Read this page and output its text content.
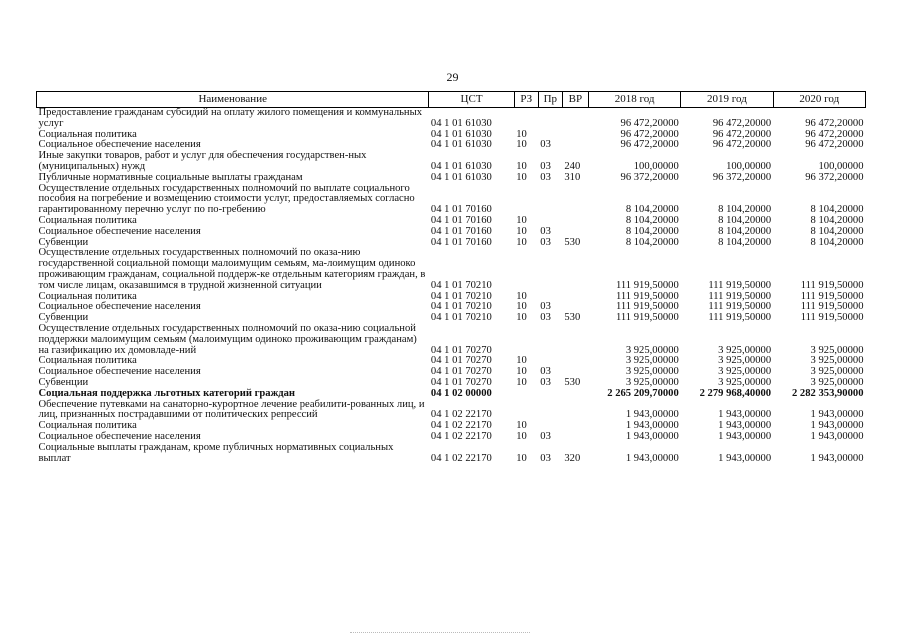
29
Наименование	ЦСТ	РЗ	Пр	ВР	2018 год	2019 год	2020 год
Предоставление гражданам субсидий на оплату жилого помещения и коммунальных услуг	04 1 01 61030				96 472,20000	96 472,20000	96 472,20000
Социальная политика	04 1 01 61030	10			96 472,20000	96 472,20000	96 472,20000
Социальное обеспечение населения	04 1 01 61030	10	03		96 472,20000	96 472,20000	96 472,20000
Иные закупки товаров, работ и услуг для обеспечения государствен-ных (муниципальных) нужд	04 1 01 61030	10	03	240	100,00000	100,00000	100,00000
Публичные нормативные социальные выплаты гражданам	04 1 01 61030	10	03	310	96 372,20000	96 372,20000	96 372,20000
Осуществление отдельных государственных полномочий по выплате социального пособия на погребение и возмещению стоимости услуг, предоставляемых согласно гарантированному перечню услуг по по-гребению	04 1 01 70160				8 104,20000	8 104,20000	8 104,20000
Социальная политика	04 1 01 70160	10			8 104,20000	8 104,20000	8 104,20000
Социальное обеспечение населения	04 1 01 70160	10	03		8 104,20000	8 104,20000	8 104,20000
Субвенции	04 1 01 70160	10	03	530	8 104,20000	8 104,20000	8 104,20000
Осуществление отдельных государственных полномочий по оказа-нию государственной социальной помощи малоимущим семьям, ма-лоимущим одиноко проживающим гражданам, социальной поддерж-ке отдельным категориям граждан, в том числе лицам, оказавшимся в трудной жизненной ситуации	04 1 01 70210				111 919,50000	111 919,50000	111 919,50000
Социальная политика	04 1 01 70210	10			111 919,50000	111 919,50000	111 919,50000
Социальное обеспечение населения	04 1 01 70210	10	03		111 919,50000	111 919,50000	111 919,50000
Субвенции	04 1 01 70210	10	03	530	111 919,50000	111 919,50000	111 919,50000
Осуществление отдельных государственных полномочий по оказа-нию социальной поддержки малоимущим семьям (малоимущим одиноко проживающим гражданам) на газификацию их домовладе-ний	04 1 01 70270				3 925,00000	3 925,00000	3 925,00000
Социальная политика	04 1 01 70270	10			3 925,00000	3 925,00000	3 925,00000
Социальное обеспечение населения	04 1 01 70270	10	03		3 925,00000	3 925,00000	3 925,00000
Субвенции	04 1 01 70270	10	03	530	3 925,00000	3 925,00000	3 925,00000
Социальная поддержка льготных категорий граждан	04 1 02 00000				2 265 209,70000	2 279 968,40000	2 282 353,90000
Обеспечение путевками на санаторно-курортное лечение реабилити-рованных лиц, и лиц, признанных пострадавшими от политических репрессий	04 1 02 22170				1 943,00000	1 943,00000	1 943,00000
Социальная политика	04 1 02 22170	10			1 943,00000	1 943,00000	1 943,00000
Социальное обеспечение населения	04 1 02 22170	10	03		1 943,00000	1 943,00000	1 943,00000
Социальные выплаты гражданам, кроме публичных нормативных социальных выплат	04 1 02 22170	10	03	320	1 943,00000	1 943,00000	1 943,00000
